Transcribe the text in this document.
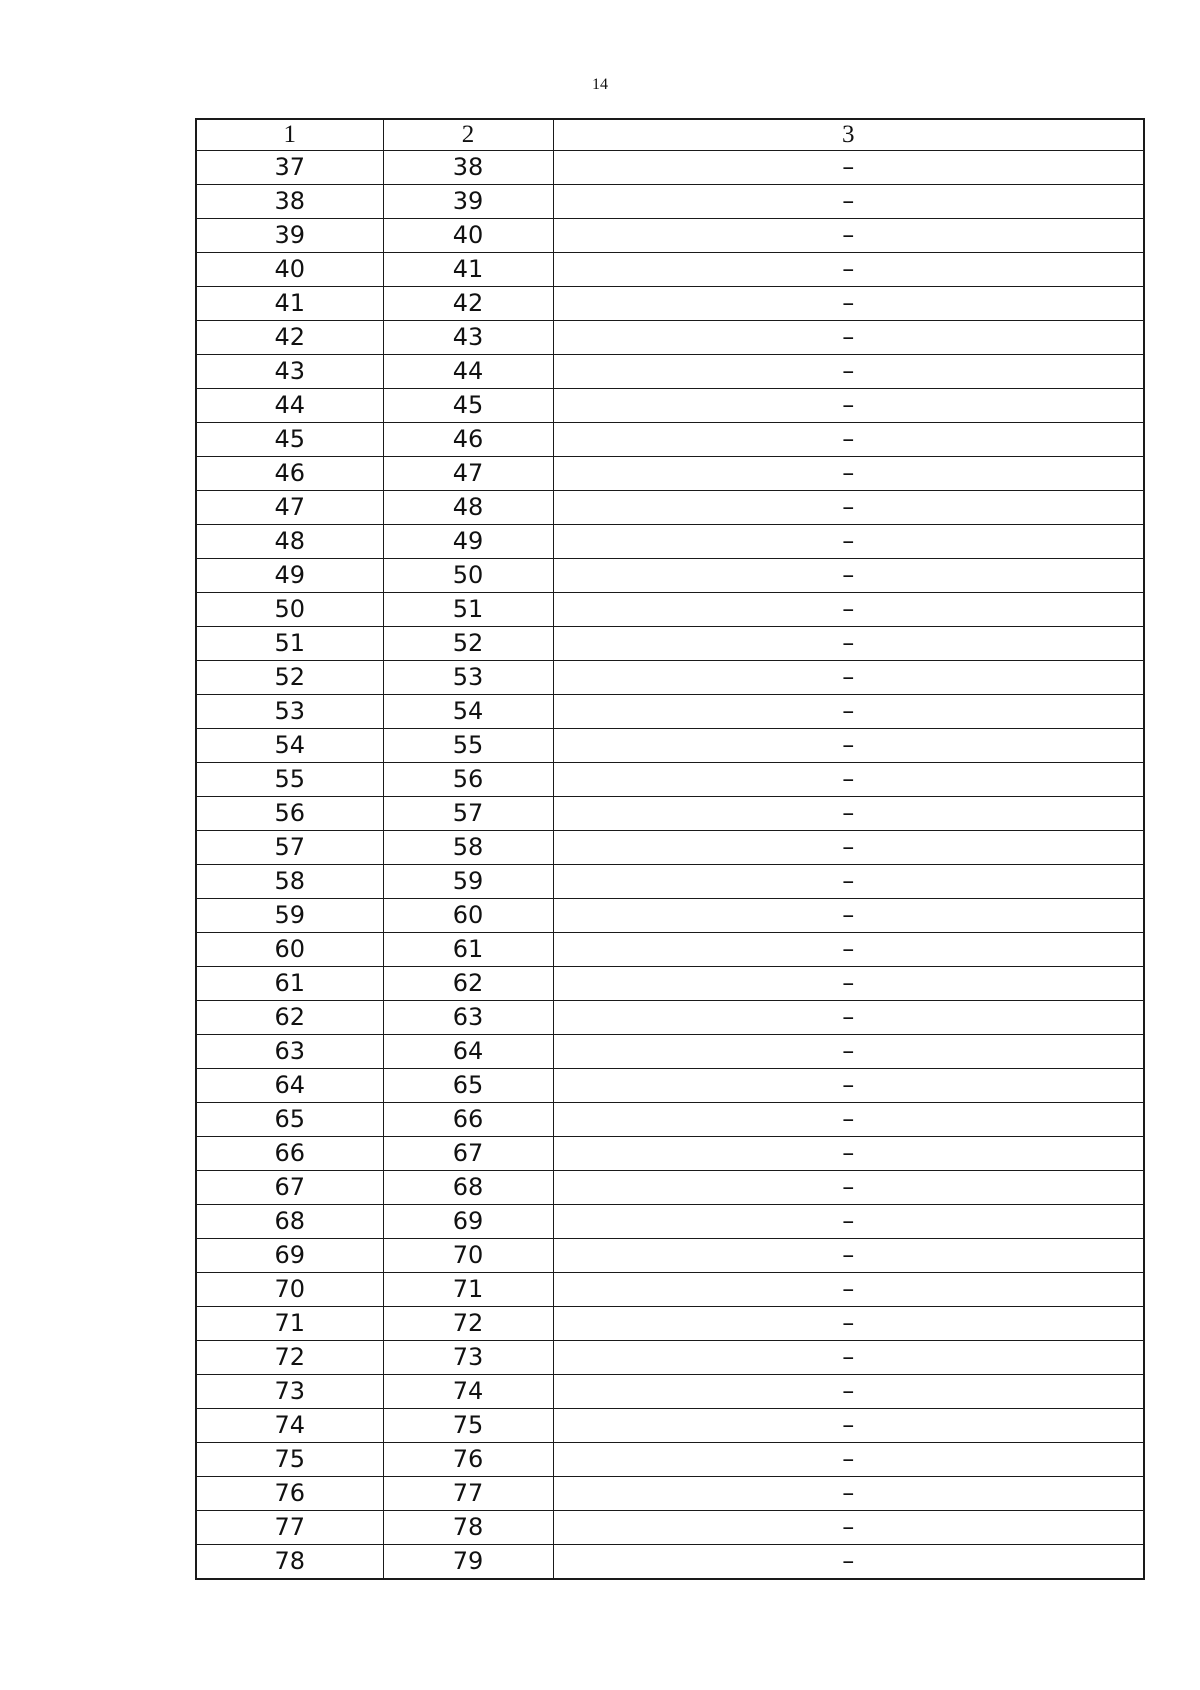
14
1	2	3
37	38	–
38	39	–
39	40	–
40	41	–
41	42	–
42	43	–
43	44	–
44	45	–
45	46	–
46	47	–
47	48	–
48	49	–
49	50	–
50	51	–
51	52	–
52	53	–
53	54	–
54	55	–
55	56	–
56	57	–
57	58	–
58	59	–
59	60	–
60	61	–
61	62	–
62	63	–
63	64	–
64	65	–
65	66	–
66	67	–
67	68	–
68	69	–
69	70	–
70	71	–
71	72	–
72	73	–
73	74	–
74	75	–
75	76	–
76	77	–
77	78	–
78	79	–
